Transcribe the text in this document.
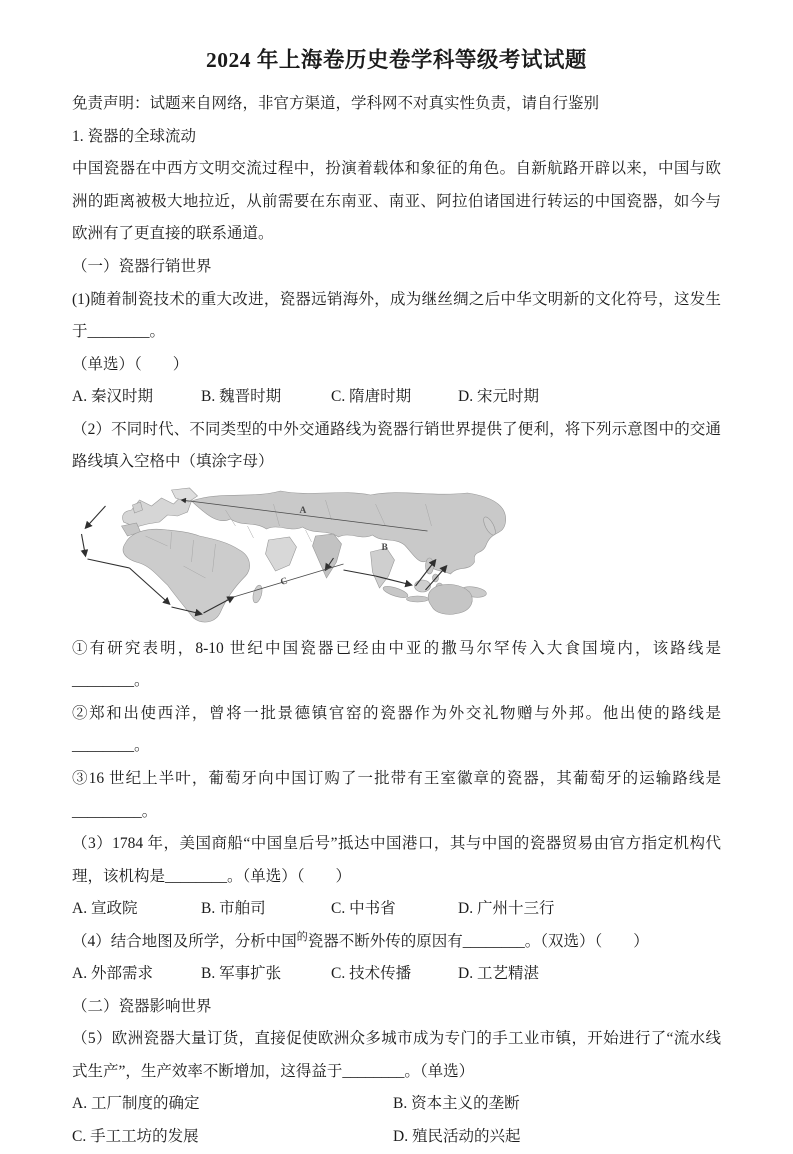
2024 年上海卷历史卷学科等级考试试题

免责声明：试题来自网络，非官方渠道，学科网不对真实性负责，请自行鉴别

1. 瓷器的全球流动

中国瓷器在中西方文明交流过程中，扮演着载体和象征的角色。自新航路开辟以来，中国与欧洲的距离被极大地拉近，从前需要在东南亚、南亚、阿拉伯诸国进行转运的中国瓷器，如今与欧洲有了更直接的联系通道。

（一）瓷器行销世界

(1)随着制瓷技术的重大改进，瓷器远销海外，成为继丝绸之后中华文明新的文化符号，这发生于________。

（单选）（　　）

A. 秦汉时期	B. 魏晋时期	C. 隋唐时期	D. 宋元时期

（2）不同时代、不同类型的中外交通路线为瓷器行销世界提供了便利，将下列示意图中的交通路线填入空格中（填涂字母）

A
B
C

①有研究表明，8-10 世纪中国瓷器已经由中亚的撒马尔罕传入大食国境内，该路线是________。

②郑和出使西洋，曾将一批景德镇官窑的瓷器作为外交礼物赠与外邦。他出使的路线是________。

③16 世纪上半叶，葡萄牙向中国订购了一批带有王室徽章的瓷器，其葡萄牙的运输路线是_________。

（3）1784 年，美国商船“中国皇后号”抵达中国港口，其与中国的瓷器贸易由官方指定机构代理，该机构是________。（单选）（　　）

A. 宣政院	B. 市舶司	C. 中书省	D. 广州十三行

（4）结合地图及所学，分析中国$^的$瓷器不断外传的原因有________。（双选）（　　）

A. 外部需求	B. 军事扩张	C. 技术传播	D. 工艺精湛

（二）瓷器影响世界

（5）欧洲瓷器大量订货，直接促使欧洲众多城市成为专门的手工业市镇，开始进行了“流水线式生产”，生产效率不断增加，这得益于________。（单选）

A. 工厂制度的确定	B. 资本主义的垄断
C. 手工工坊的发展	D. 殖民活动的兴起
